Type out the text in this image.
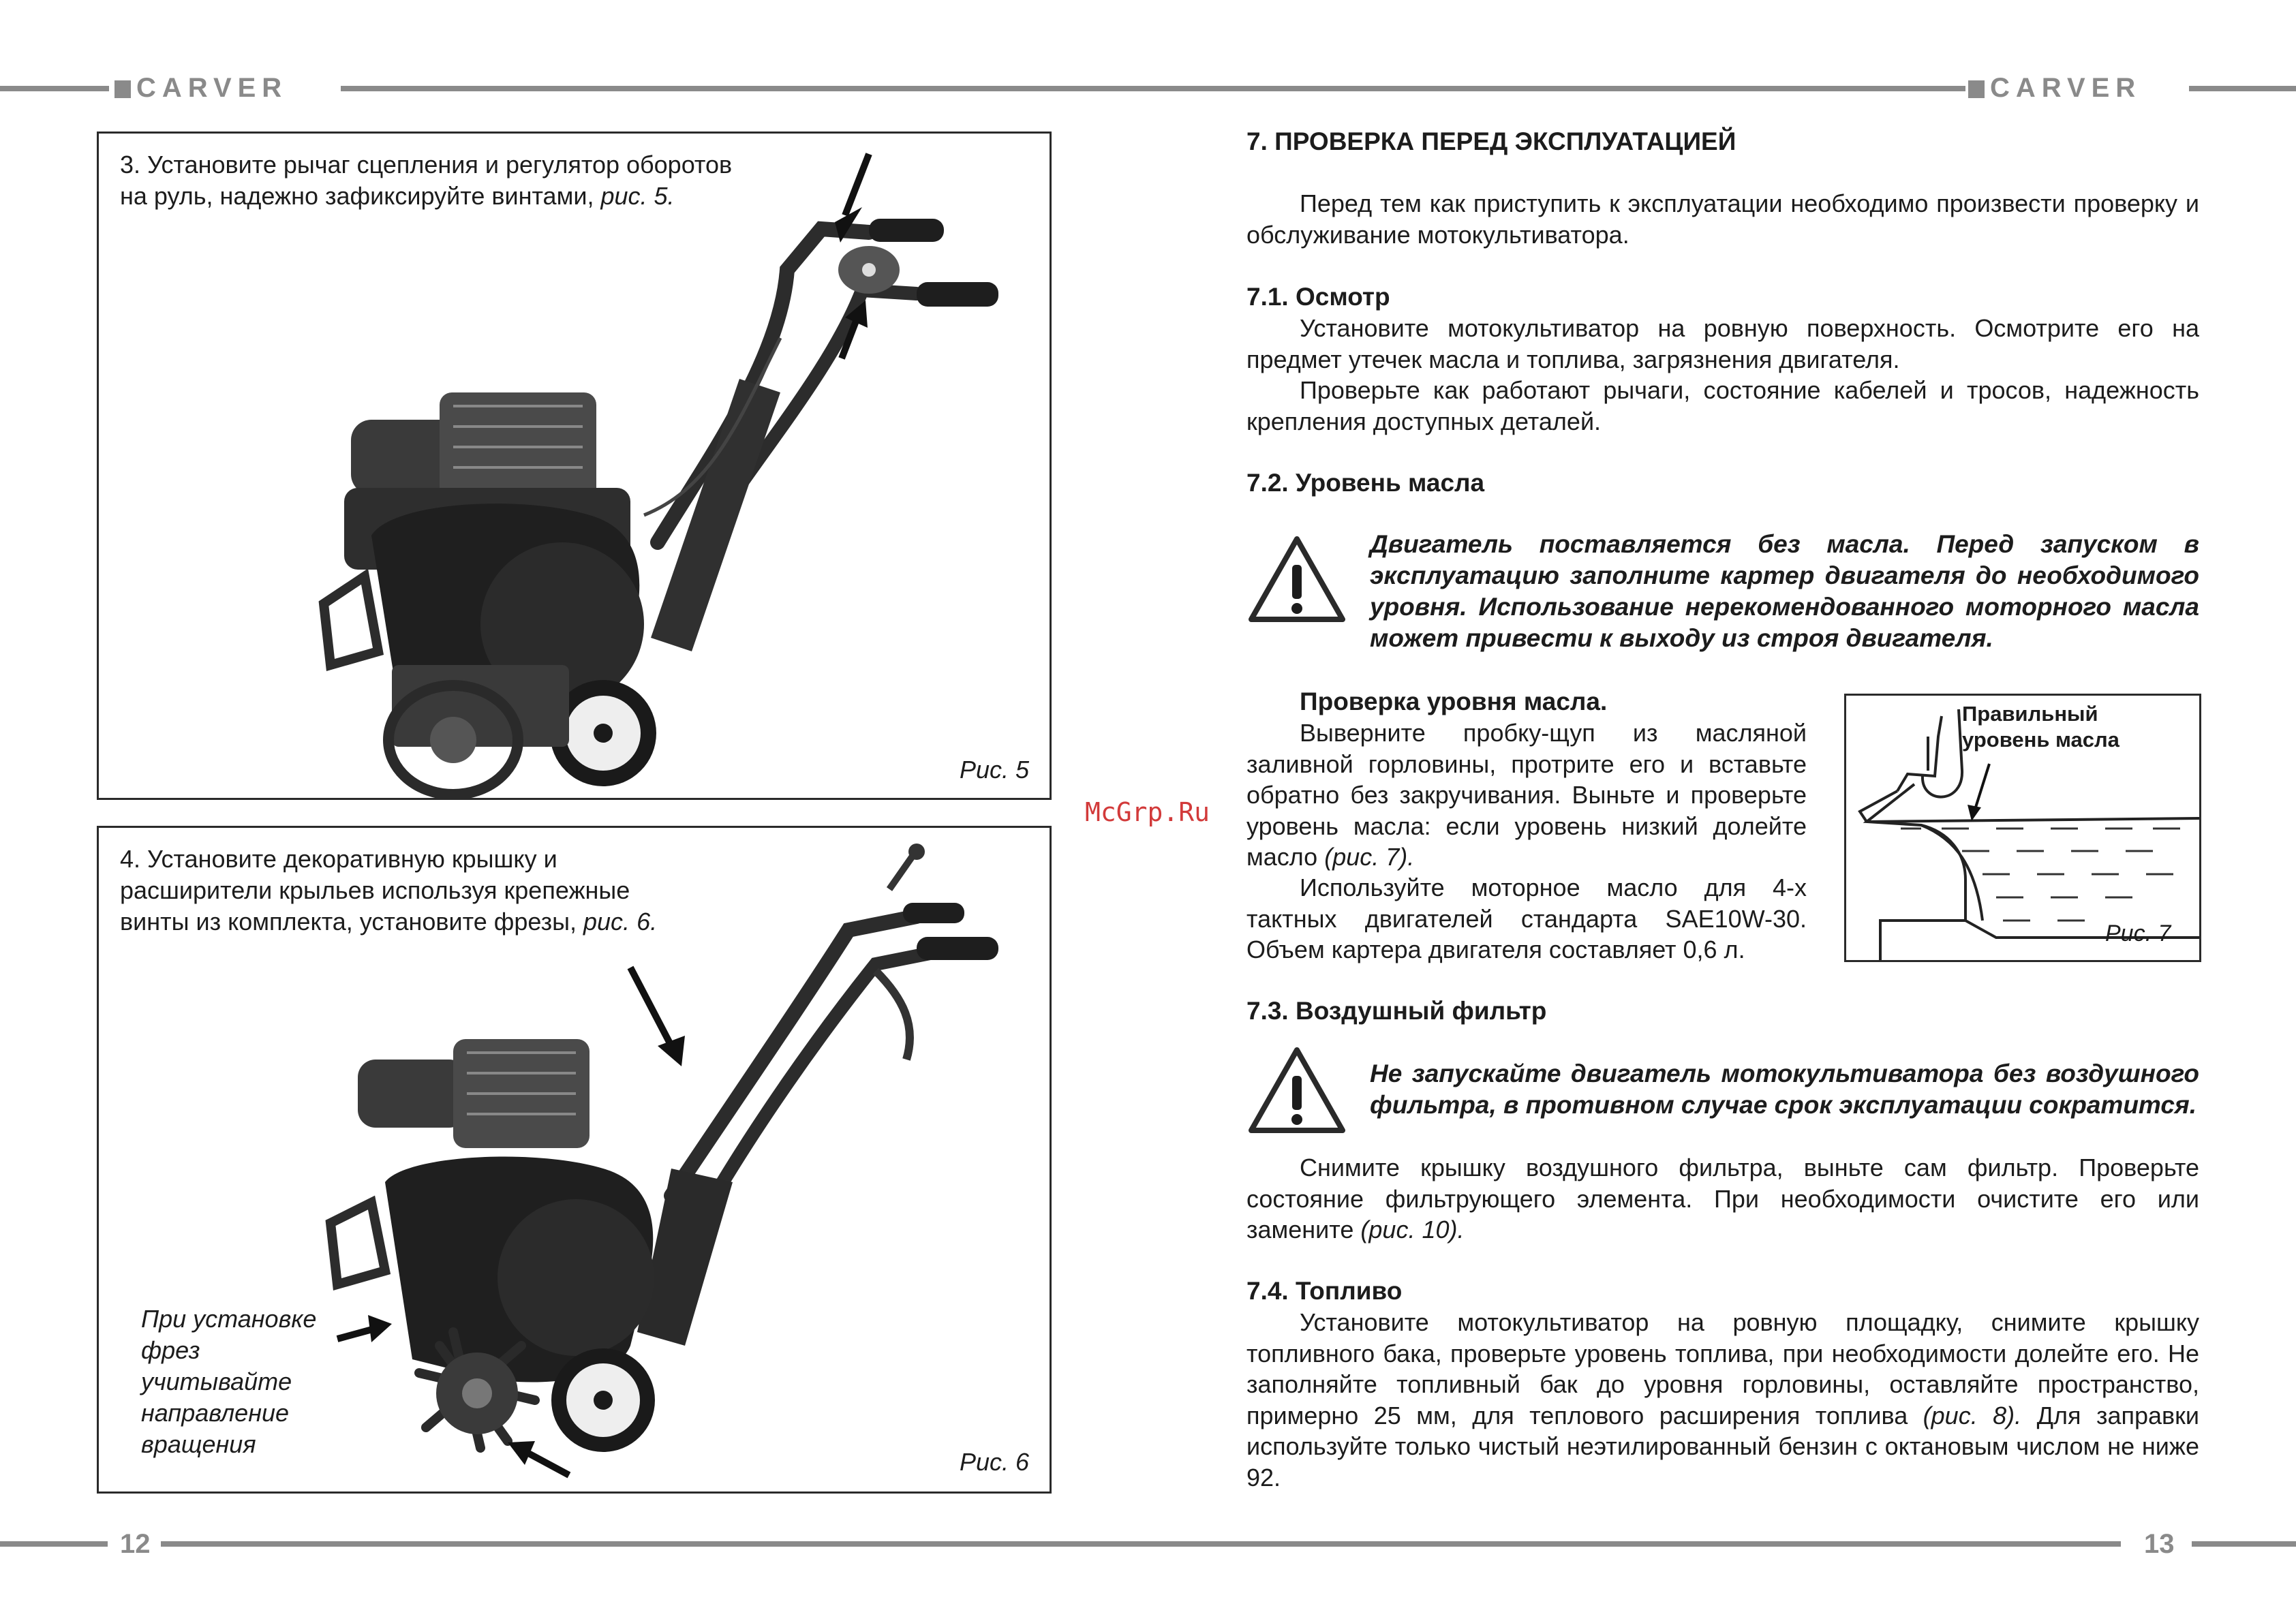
CARVER	CARVER
12	13
McGrp.Ru
3. Установите рычаг сцепления и регулятор оборотов
на руль, надежно зафиксируйте винтами, рис. 5.
Рис. 5
4. Установите декоративную крышку и
расширители крыльев используя крепежные
винты из комплекта, установите фрезы, рис. 6.
При установке
фрез
учитывайте
направление
вращения
Рис. 6
7. ПРОВЕРКА ПЕРЕД ЭКСПЛУАТАЦИЕЙ
Перед тем как приступить к эксплуатации необходимо произвести проверку и обслуживание мотокультиватора.
7.1. Осмотр
Установите мотокультиватор на ровную поверхность. Осмотрите его на предмет утечек масла и топлива, загрязнения двигателя.
Проверьте как работают рычаги, состояние кабелей и тросов, надежность крепления доступных деталей.
7.2. Уровень масла
Двигатель поставляется без масла. Перед запуском в эксплуатацию заполните картер двигателя до необходимого уровня. Использование нерекомендованного моторного масла может привести к выходу из строя двигателя.
Проверка уровня масла.
Выверните пробку-щуп из масляной заливной горловины, протрите его и вставьте обратно без закручивания. Выньте и проверьте уровень масла: если уровень низкий долейте масло (рис. 7).
Используйте моторное масло для 4-х тактных двигателей стандарта SAE10W-30. Объем картера двигателя составляет 0,6 л.
Правильный
уровень масла
Рис. 7
7.3. Воздушный фильтр
Не запускайте двигатель мотокультиватора без воздушного фильтра, в противном случае срок эксплуатации сократится.
Снимите крышку воздушного фильтра, выньте сам фильтр. Проверьте состояние фильтрующего элемента. При необходимости очистите его или замените (рис. 10).
7.4. Топливо
Установите мотокультиватор на ровную площадку, снимите крышку топливного бака, проверьте уровень топлива, при необходимости долейте его. Не заполняйте топливный бак до уровня горловины, оставляйте пространство, примерно 25 мм, для теплового расширения топлива (рис. 8). Для заправки используйте только чистый неэтилированный бензин с октановым числом не ниже 92.
